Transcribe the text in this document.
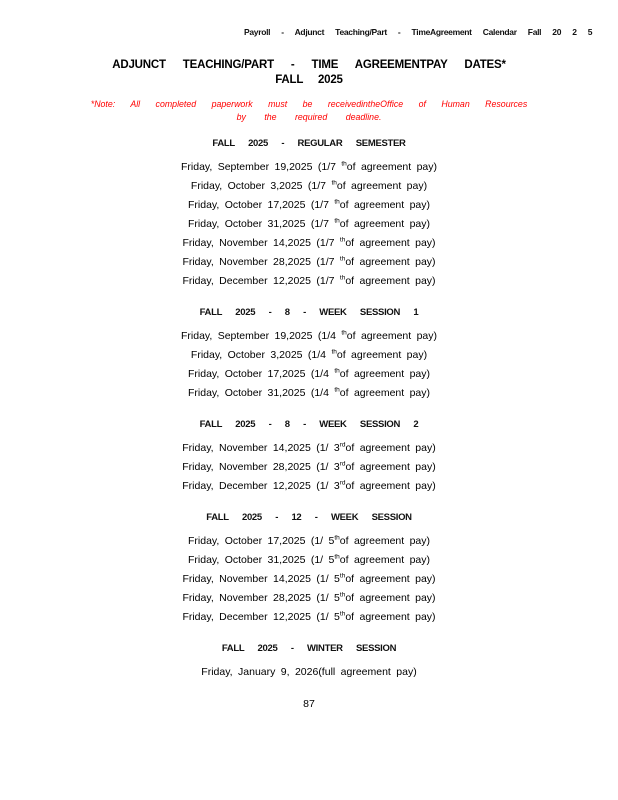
Payroll - Adjunct Teaching/Part - TimeAgreement Calendar Fall 20 2 5
ADJUNCT TEACHING/PART - TIME AGREEMENTPAY DATES*
FALL 2025
*Note: All completed paperwork must be receivedintheOffice of Human Resources
by the required deadline.
FALL 2025 - REGULAR SEMESTER
Friday, September 19,2025 (1/7 $^{th}$of agreement pay)
Friday, October 3,2025 (1/7 $^{th}$of agreement pay)
Friday, October 17,2025 (1/7 $^{th}$of agreement pay)
Friday, October 31,2025 (1/7 $^{th}$of agreement pay)
Friday, November 14,2025 (1/7 $^{th}$of agreement pay)
Friday, November 28,2025 (1/7 $^{th}$of agreement pay)
Friday, December 12,2025 (1/7 $^{th}$of agreement pay)
FALL 2025 - 8 - WEEK SESSION 1
Friday, September 19,2025 (1/4 $^{th}$of agreement pay)
Friday, October 3,2025 (1/4 $^{th}$of agreement pay)
Friday, October 17,2025 (1/4 $^{th}$of agreement pay)
Friday, October 31,2025 (1/4 $^{th}$of agreement pay)
FALL 2025 - 8 - WEEK SESSION 2
Friday, November 14,2025 (1/ 3rdof agreement pay)
Friday, November 28,2025 (1/ 3rdof agreement pay)
Friday, December 12,2025 (1/ 3rdof agreement pay)
FALL 2025 - 12 - WEEK SESSION
Friday, October 17,2025 (1/ 5thof agreement pay)
Friday, October 31,2025 (1/ 5thof agreement pay)
Friday, November 14,2025 (1/ 5thof agreement pay)
Friday, November 28,2025 (1/ 5thof agreement pay)
Friday, December 12,2025 (1/ 5thof agreement pay)
FALL 2025 - WINTER SESSION
Friday, January 9, 2026(full agreement pay)
87
